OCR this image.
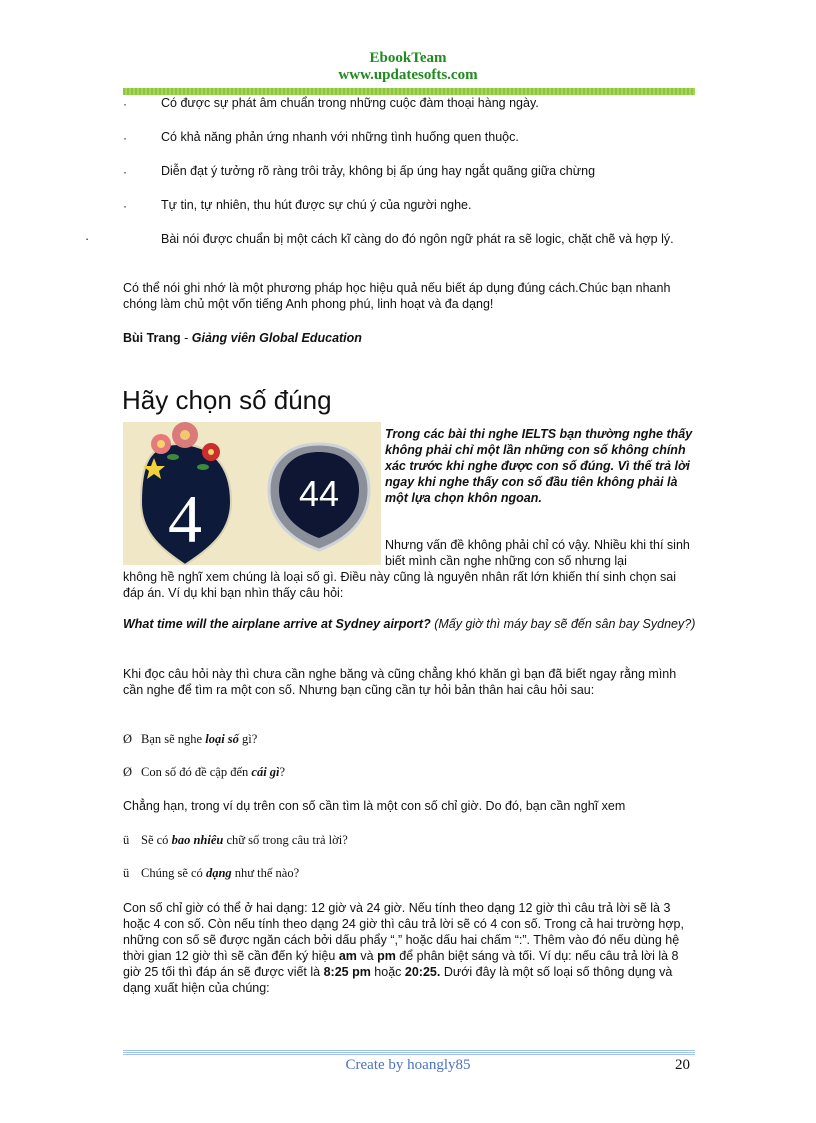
EbookTeam
www.updatesofts.com
·	Có được sự phát âm chuẩn trong những cuộc đàm thoại hàng ngày.
·	Có khả năng phản ứng nhanh với những tình huống quen thuộc.
·	Diễn đạt ý tưởng rõ ràng trôi trảy, không bị ấp úng hay ngắt quãng giữa chừng
·	Tự tin, tự nhiên, thu hút được sự chú ý của người nghe.
·	Bài nói được chuẩn bị một cách kĩ càng do đó ngôn ngữ phát ra sẽ logic, chặt chẽ và hợp lý.
Có thể nói ghi nhớ là một phương pháp học hiệu quả nếu biết áp dụng đúng cách.Chúc bạn nhanh chóng làm chủ một vốn tiếng Anh phong phú, linh hoạt và đa dạng!
Bùi Trang - Giảng viên Global Education
Hãy chọn số đúng
4	44
Trong các bài thi nghe IELTS bạn thường nghe thấy không phải chỉ một lần những con số không chính xác trước khi nghe được con số đúng. Vì thế trả lời ngay khi nghe thấy con số đầu tiên không phải là một lựa chọn khôn ngoan.
Nhưng vấn đề không phải chỉ có vậy. Nhiều khi thí sinh biết mình cần nghe những con số nhưng lại
không hề nghĩ xem chúng là loại số gì. Điều này cũng là nguyên nhân rất lớn khiến thí sinh chọn sai đáp án. Ví dụ khi bạn nhìn thấy câu hỏi:
What time will the airplane arrive at Sydney airport? (Mấy giờ thì máy bay sẽ đến sân bay Sydney?)
Khi đọc câu hỏi này thì chưa cần nghe băng và cũng chẳng khó khăn gì bạn đã biết ngay rằng mình cần nghe để tìm ra một con số. Nhưng bạn cũng cần tự hỏi bản thân hai câu hỏi sau:
Ø Bạn sẽ nghe loại số gì?
Ø Con số đó đề cập đến cái gì?
Chẳng hạn, trong ví dụ trên con số cần tìm là một con số chỉ giờ. Do đó, bạn cần nghĩ xem
ü Sẽ có bao nhiêu chữ số trong câu trả lời?
ü Chúng sẽ có dạng như thế nào?
Con số chỉ giờ có thể ở hai dạng: 12 giờ và 24 giờ. Nếu tính theo dạng 12 giờ thì câu trả lời sẽ là 3 hoặc 4 con số. Còn nếu tính theo dạng 24 giờ thì câu trả lời sẽ có 4 con số. Trong cả hai trường hợp, những con số sẽ được ngăn cách bởi dấu phẩy “,” hoặc dấu hai chấm “:”. Thêm vào đó nếu dùng hệ thời gian 12 giờ thì sẽ cần đến ký hiệu am và pm để phân biệt sáng và tối. Ví dụ: nếu câu trả lời là 8 giờ 25 tối thì đáp án sẽ được viết là 8:25 pm hoặc 20:25. Dưới đây là một số loại số thông dụng và dạng xuất hiện của chúng:
Create by hoangly85	20
